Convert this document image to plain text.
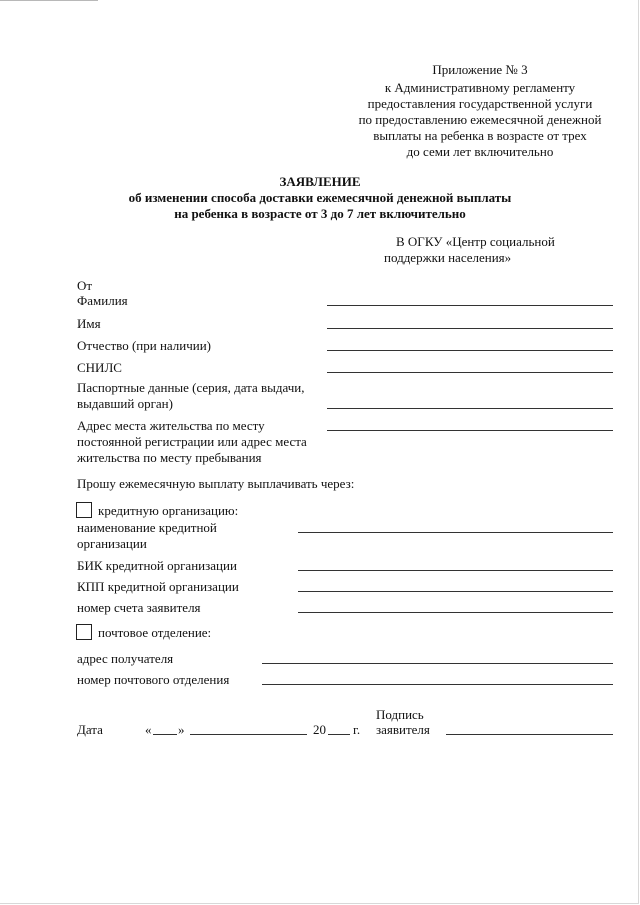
Приложение № 3
к Административному регламенту
предоставления государственной услуги
по предоставлению ежемесячной денежной
выплаты на ребенка в возрасте от трех
до семи лет включительно
ЗАЯВЛЕНИЕ
об изменении способа доставки ежемесячной денежной выплаты
на ребенка в возрасте от 3 до 7 лет включительно
В ОГКУ «Центр социальной
поддержки населения»
От
Фамилия
Имя
Отчество (при наличии)
СНИЛС
Паспортные данные (серия, дата выдачи,
выдавший орган)
Адрес места жительства по месту
постоянной регистрации или адрес места
жительства по месту пребывания
Прошу ежемесячную выплату выплачивать через:
кредитную организацию:
наименование кредитной
организации
БИК кредитной организации
КПП кредитной организации
номер счета заявителя
почтовое отделение:
адрес получателя
номер почтового отделения
Дата	« »	20 г.
Подпись
заявителя
